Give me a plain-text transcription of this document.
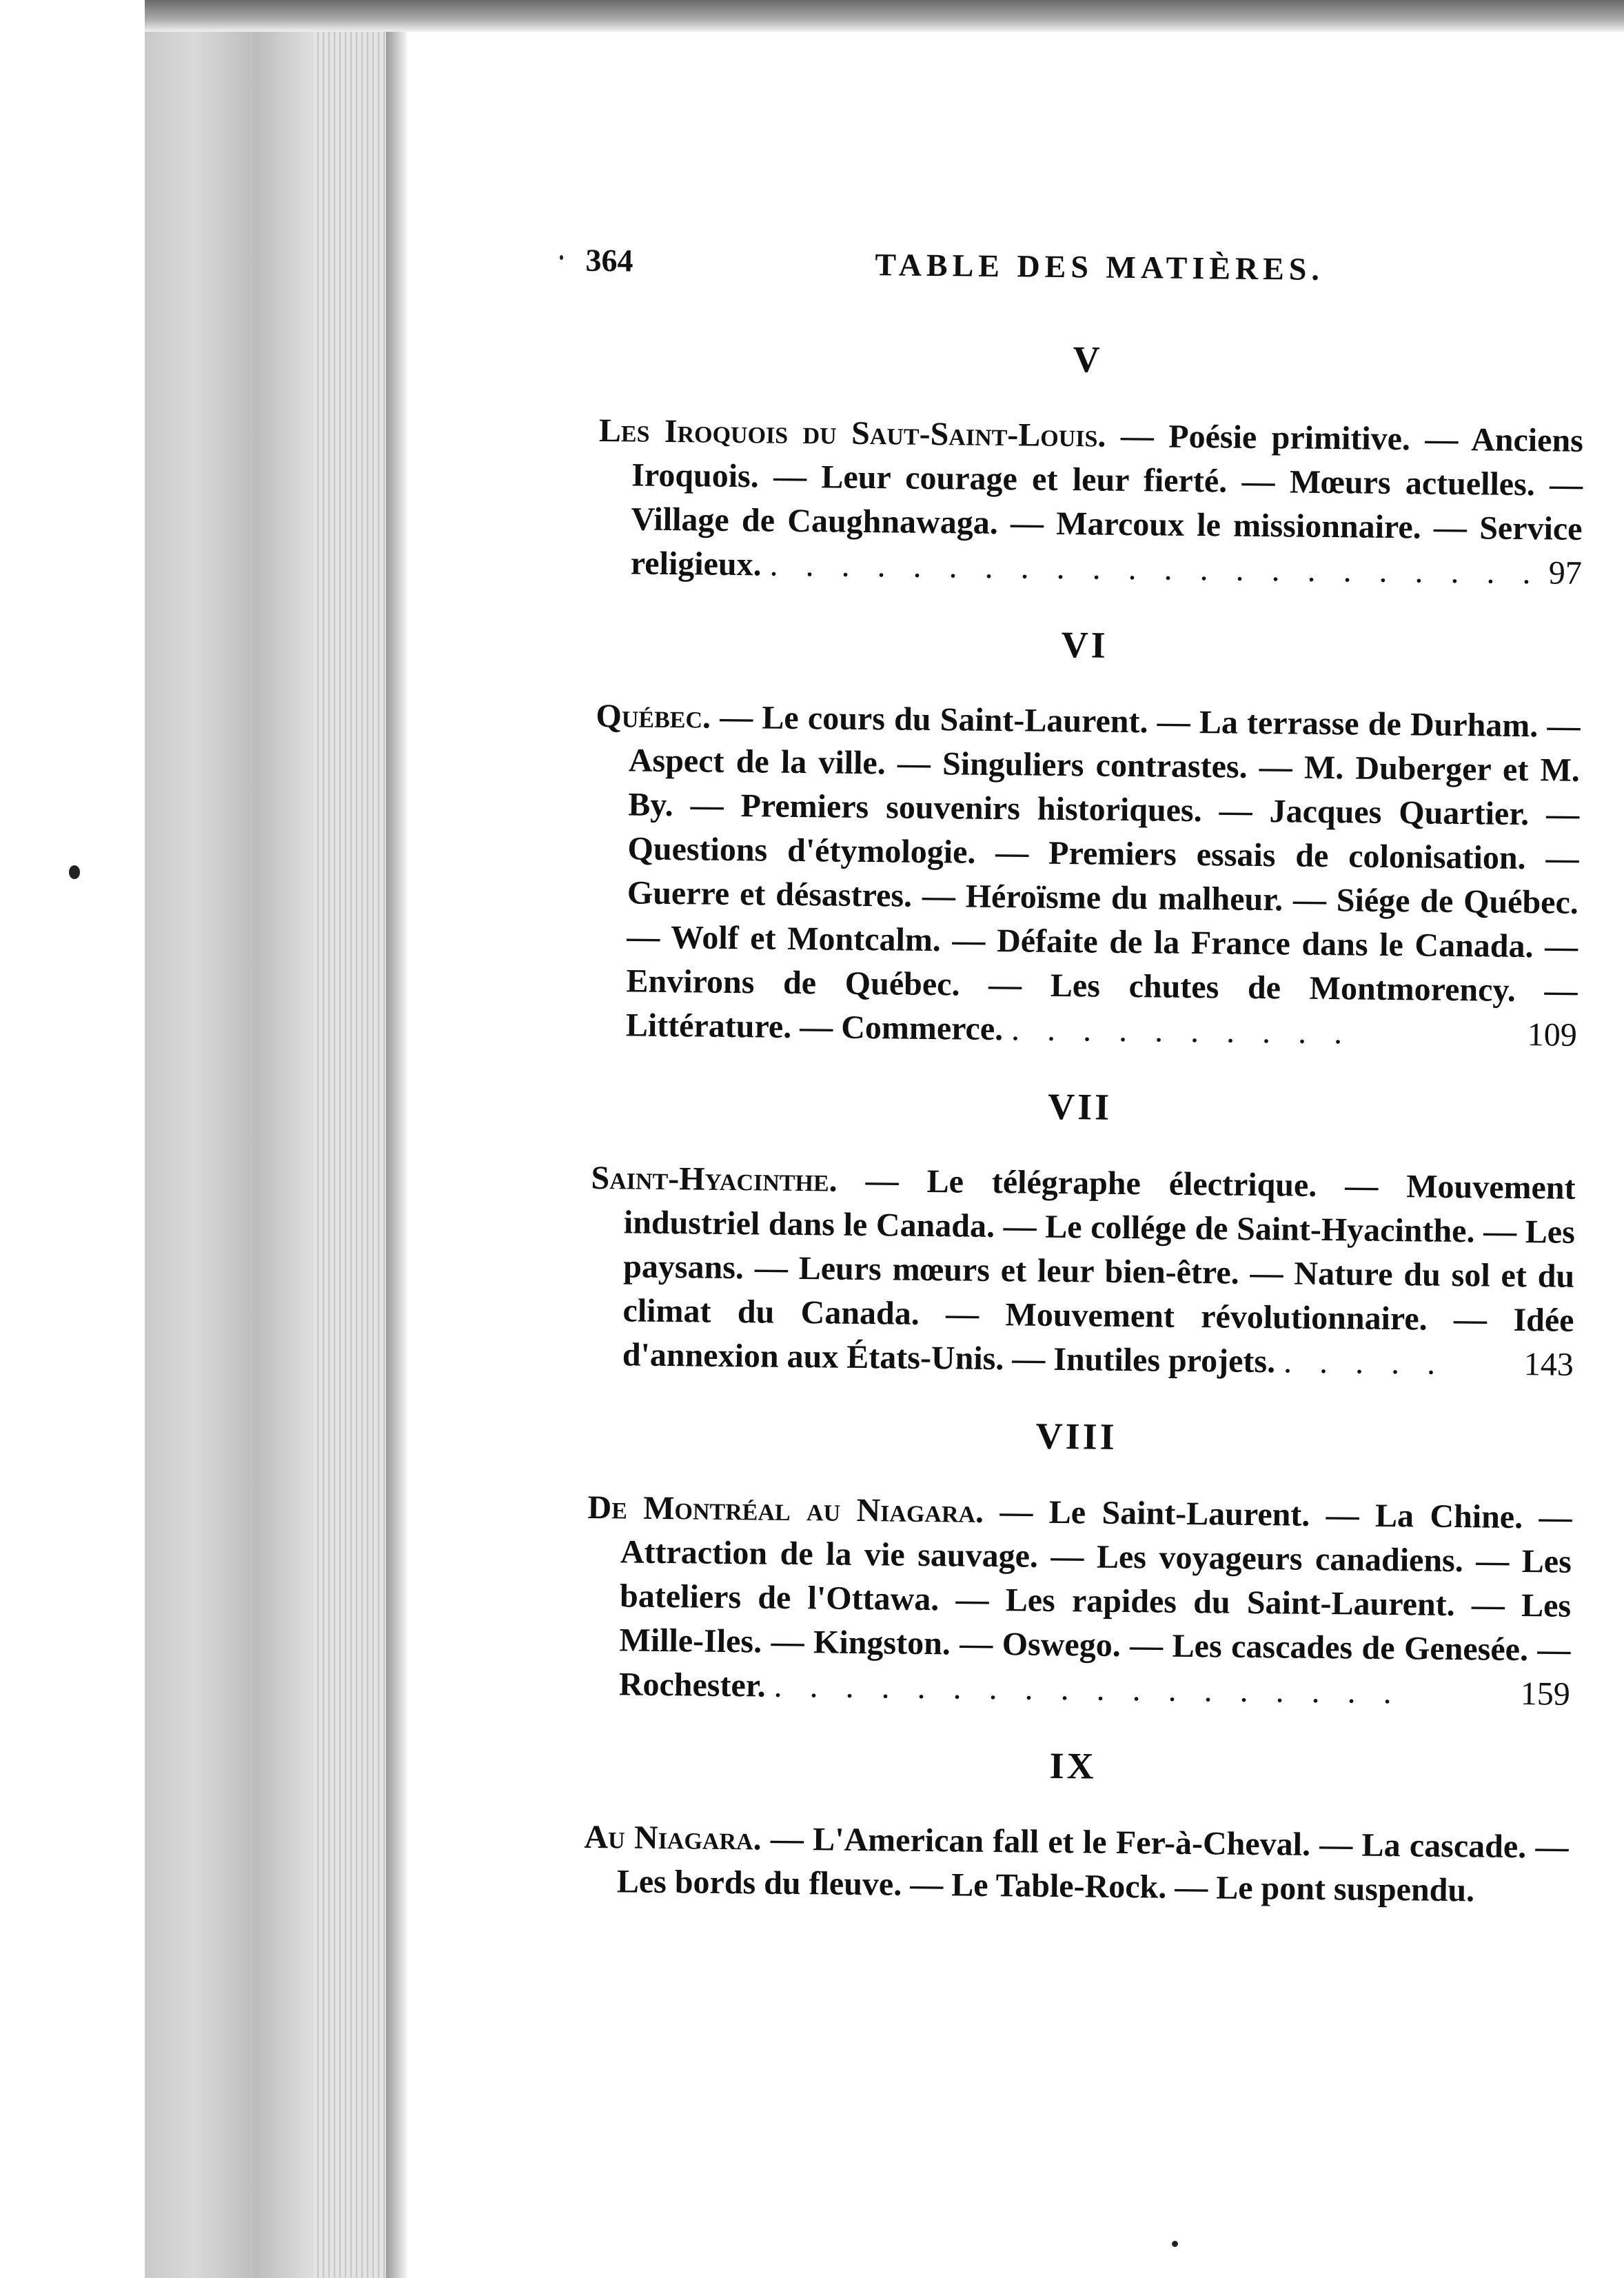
364	TABLE DES MATIÈRES.
V

Les Iroquois du Saut-Saint-Louis. — Poésie primitive. — Anciens Iroquois. — Leur courage et leur fierté. — Mœurs actuelles. — Village de Caughnawaga. — Marcoux le missionnaire. — Service religieux. . . . . . . . . . . . . . . . . . . . . . . 97

VI

Québec. — Le cours du Saint-Laurent. — La terrasse de Durham. — Aspect de la ville. — Singuliers contrastes. — M. Duberger et M. By. — Premiers souvenirs historiques. — Jacques Quartier. — Questions d'étymologie. — Premiers essais de colonisation. — Guerre et désastres. — Héroïsme du malheur. — Siége de Québec. — Wolf et Montcalm. — Défaite de la France dans le Canada. — Environs de Québec. — Les chutes de Montmorency. — Littérature. — Commerce. . . . . . . . . . .	109

VII

Saint-Hyacinthe. — Le télégraphe électrique. — Mouvement industriel dans le Canada. — Le collége de Saint-Hyacinthe. — Les paysans. — Leurs mœurs et leur bien-être. — Nature du sol et du climat du Canada. — Mouvement révolutionnaire. — Idée d'annexion aux États-Unis. — Inutiles projets. . . . . . 143

VIII

De Montréal au Niagara. — Le Saint-Laurent. — La Chine. — Attraction de la vie sauvage. — Les voyageurs canadiens. — Les bateliers de l'Ottawa. — Les rapides du Saint-Laurent. — Les Mille-Iles. — Kingston. — Oswego. — Les cascades de Genesée. — Rochester. . . . . . . . . . . . . . . . . . .	159

IX

Au Niagara. — L'American fall et le Fer-à-Cheval. — La cascade. — Les bords du fleuve. — Le Table-Rock. — Le pont suspendu.
